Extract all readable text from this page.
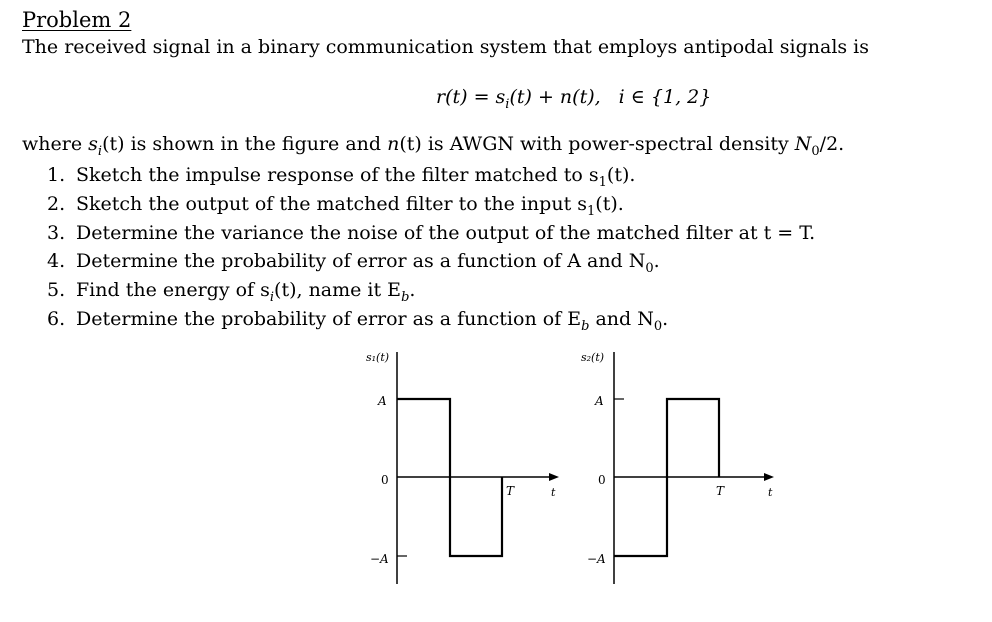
Problem 2
The received signal in a binary communication system that employs antipodal signals is
$r(t) = s_i(t) + n(t)$, i ∈ {1, 2}
where $s_i(t)$ is shown in the figure and n(t) is AWGN with power-spectral density $N_0/2$.
1. Sketch the impulse response of the filter matched to $s_1(t)$.
2. Sketch the output of the matched filter to the input $s_1(t)$.
3. Determine the variance the noise of the output of the matched filter at t = T.
4. Determine the probability of error as a function of A and $N_0$.
5. Find the energy of $s_i(t)$, name it $E_b$.
6. Determine the probability of error as a function of $E_b$ and $N_0$.
s₁(t)
A
0
−A
T	t
s₂(t)
A
0
−A
T	t
